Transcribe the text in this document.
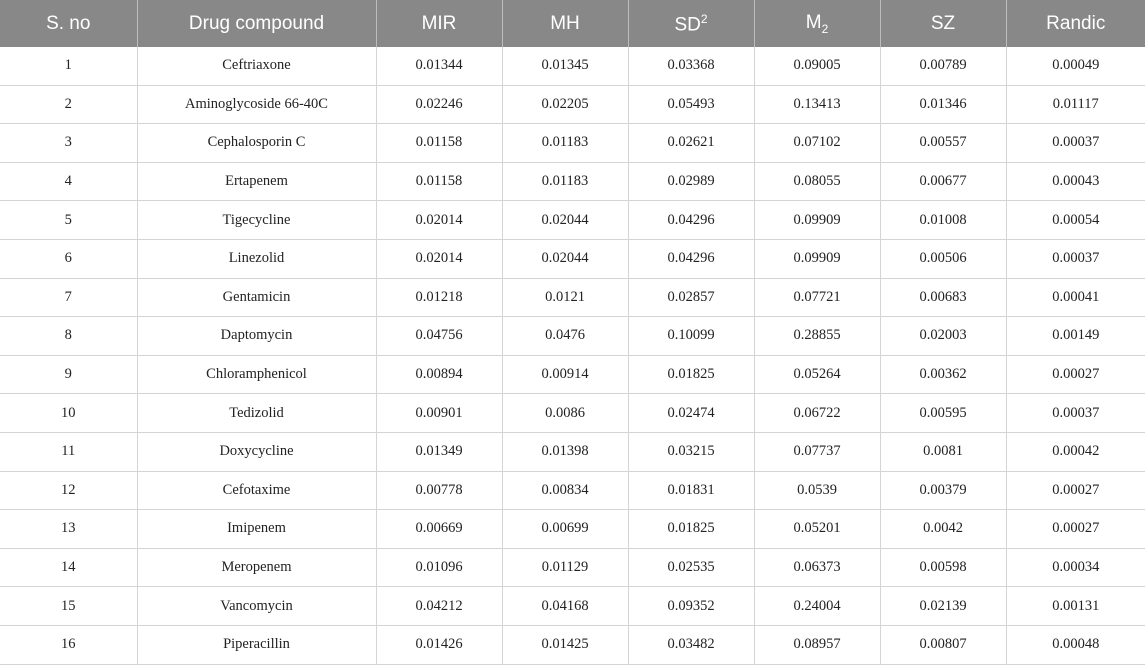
S. no	Drug compound	MIR	MH	$SD^2$	$M_2$	SZ	Randic
1	Ceftriaxone	0.01344	0.01345	0.03368	0.09005	0.00789	0.00049
2	Aminoglycoside 66-40C	0.02246	0.02205	0.05493	0.13413	0.01346	0.01117
3	Cephalosporin C	0.01158	0.01183	0.02621	0.07102	0.00557	0.00037
4	Ertapenem	0.01158	0.01183	0.02989	0.08055	0.00677	0.00043
5	Tigecycline	0.02014	0.02044	0.04296	0.09909	0.01008	0.00054
6	Linezolid	0.02014	0.02044	0.04296	0.09909	0.00506	0.00037
7	Gentamicin	0.01218	0.0121	0.02857	0.07721	0.00683	0.00041
8	Daptomycin	0.04756	0.0476	0.10099	0.28855	0.02003	0.00149
9	Chloramphenicol	0.00894	0.00914	0.01825	0.05264	0.00362	0.00027
10	Tedizolid	0.00901	0.0086	0.02474	0.06722	0.00595	0.00037
11	Doxycycline	0.01349	0.01398	0.03215	0.07737	0.0081	0.00042
12	Cefotaxime	0.00778	0.00834	0.01831	0.0539	0.00379	0.00027
13	Imipenem	0.00669	0.00699	0.01825	0.05201	0.0042	0.00027
14	Meropenem	0.01096	0.01129	0.02535	0.06373	0.00598	0.00034
15	Vancomycin	0.04212	0.04168	0.09352	0.24004	0.02139	0.00131
16	Piperacillin	0.01426	0.01425	0.03482	0.08957	0.00807	0.00048
